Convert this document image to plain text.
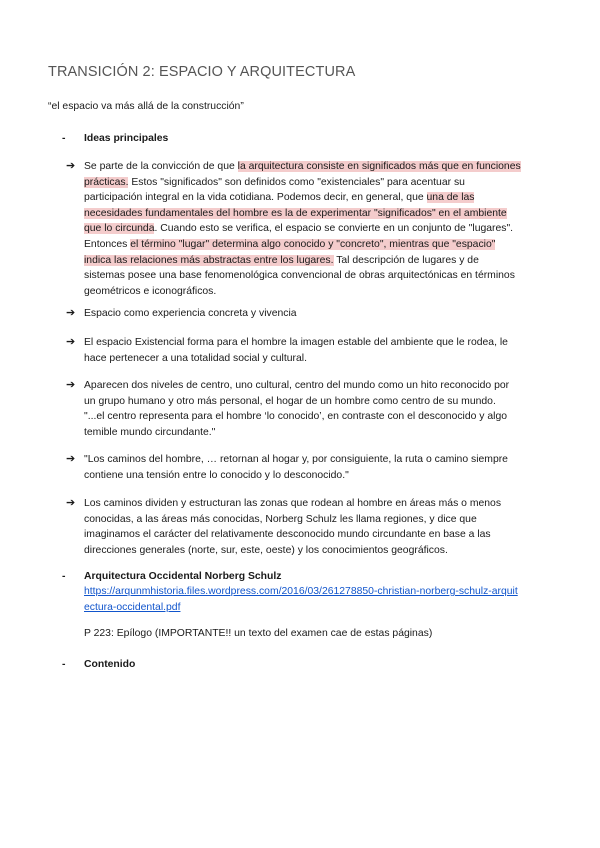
TRANSICIÓN 2: ESPACIO Y ARQUITECTURA
“el espacio va más allá de la construcción”
- Ideas principales
➔ Se parte de la convicción de que la arquitectura consiste en significados más que en funciones
prácticas. Estos "significados" son definidos como "existenciales" para acentuar su
participación integral en la vida cotidiana. Podemos decir, en general, que una de las
necesidades fundamentales del hombre es la de experimentar "significados" en el ambiente
que lo circunda. Cuando esto se verifica, el espacio se convierte en un conjunto de "lugares".
Entonces el término "lugar" determina algo conocido y "concreto", mientras que "espacio"
indica las relaciones más abstractas entre los lugares. Tal descripción de lugares y de
sistemas posee una base fenomenológica convencional de obras arquitectónicas en términos
geométricos e iconográficos.
➔ Espacio como experiencia concreta y vivencia
➔ El espacio Existencial forma para el hombre la imagen estable del ambiente que le rodea, le
hace pertenecer a una totalidad social y cultural.
➔ Aparecen dos niveles de centro, uno cultural, centro del mundo como un hito reconocido por
un grupo humano y otro más personal, el hogar de un hombre como centro de su mundo.
"...el centro representa para el hombre ‘lo conocido’, en contraste con el desconocido y algo
temible mundo circundante."
➔ "Los caminos del hombre, … retornan al hogar y, por consiguiente, la ruta o camino siempre
contiene una tensión entre lo conocido y lo desconocido."
➔ Los caminos dividen y estructuran las zonas que rodean al hombre en áreas más o menos
conocidas, a las áreas más conocidas, Norberg Schulz les llama regiones, y dice que
imaginamos el carácter del relativamente desconocido mundo circundante en base a las
direcciones generales (norte, sur, este, oeste) y los conocimientos geográficos.
- Arquitectura Occidental Norberg Schulz
https://arqunmhistoria.files.wordpress.com/2016/03/261278850-christian-norberg-schulz-arquit
ectura-occidental.pdf
P 223: Epílogo (IMPORTANTE!! un texto del examen cae de estas páginas)
- Contenido
